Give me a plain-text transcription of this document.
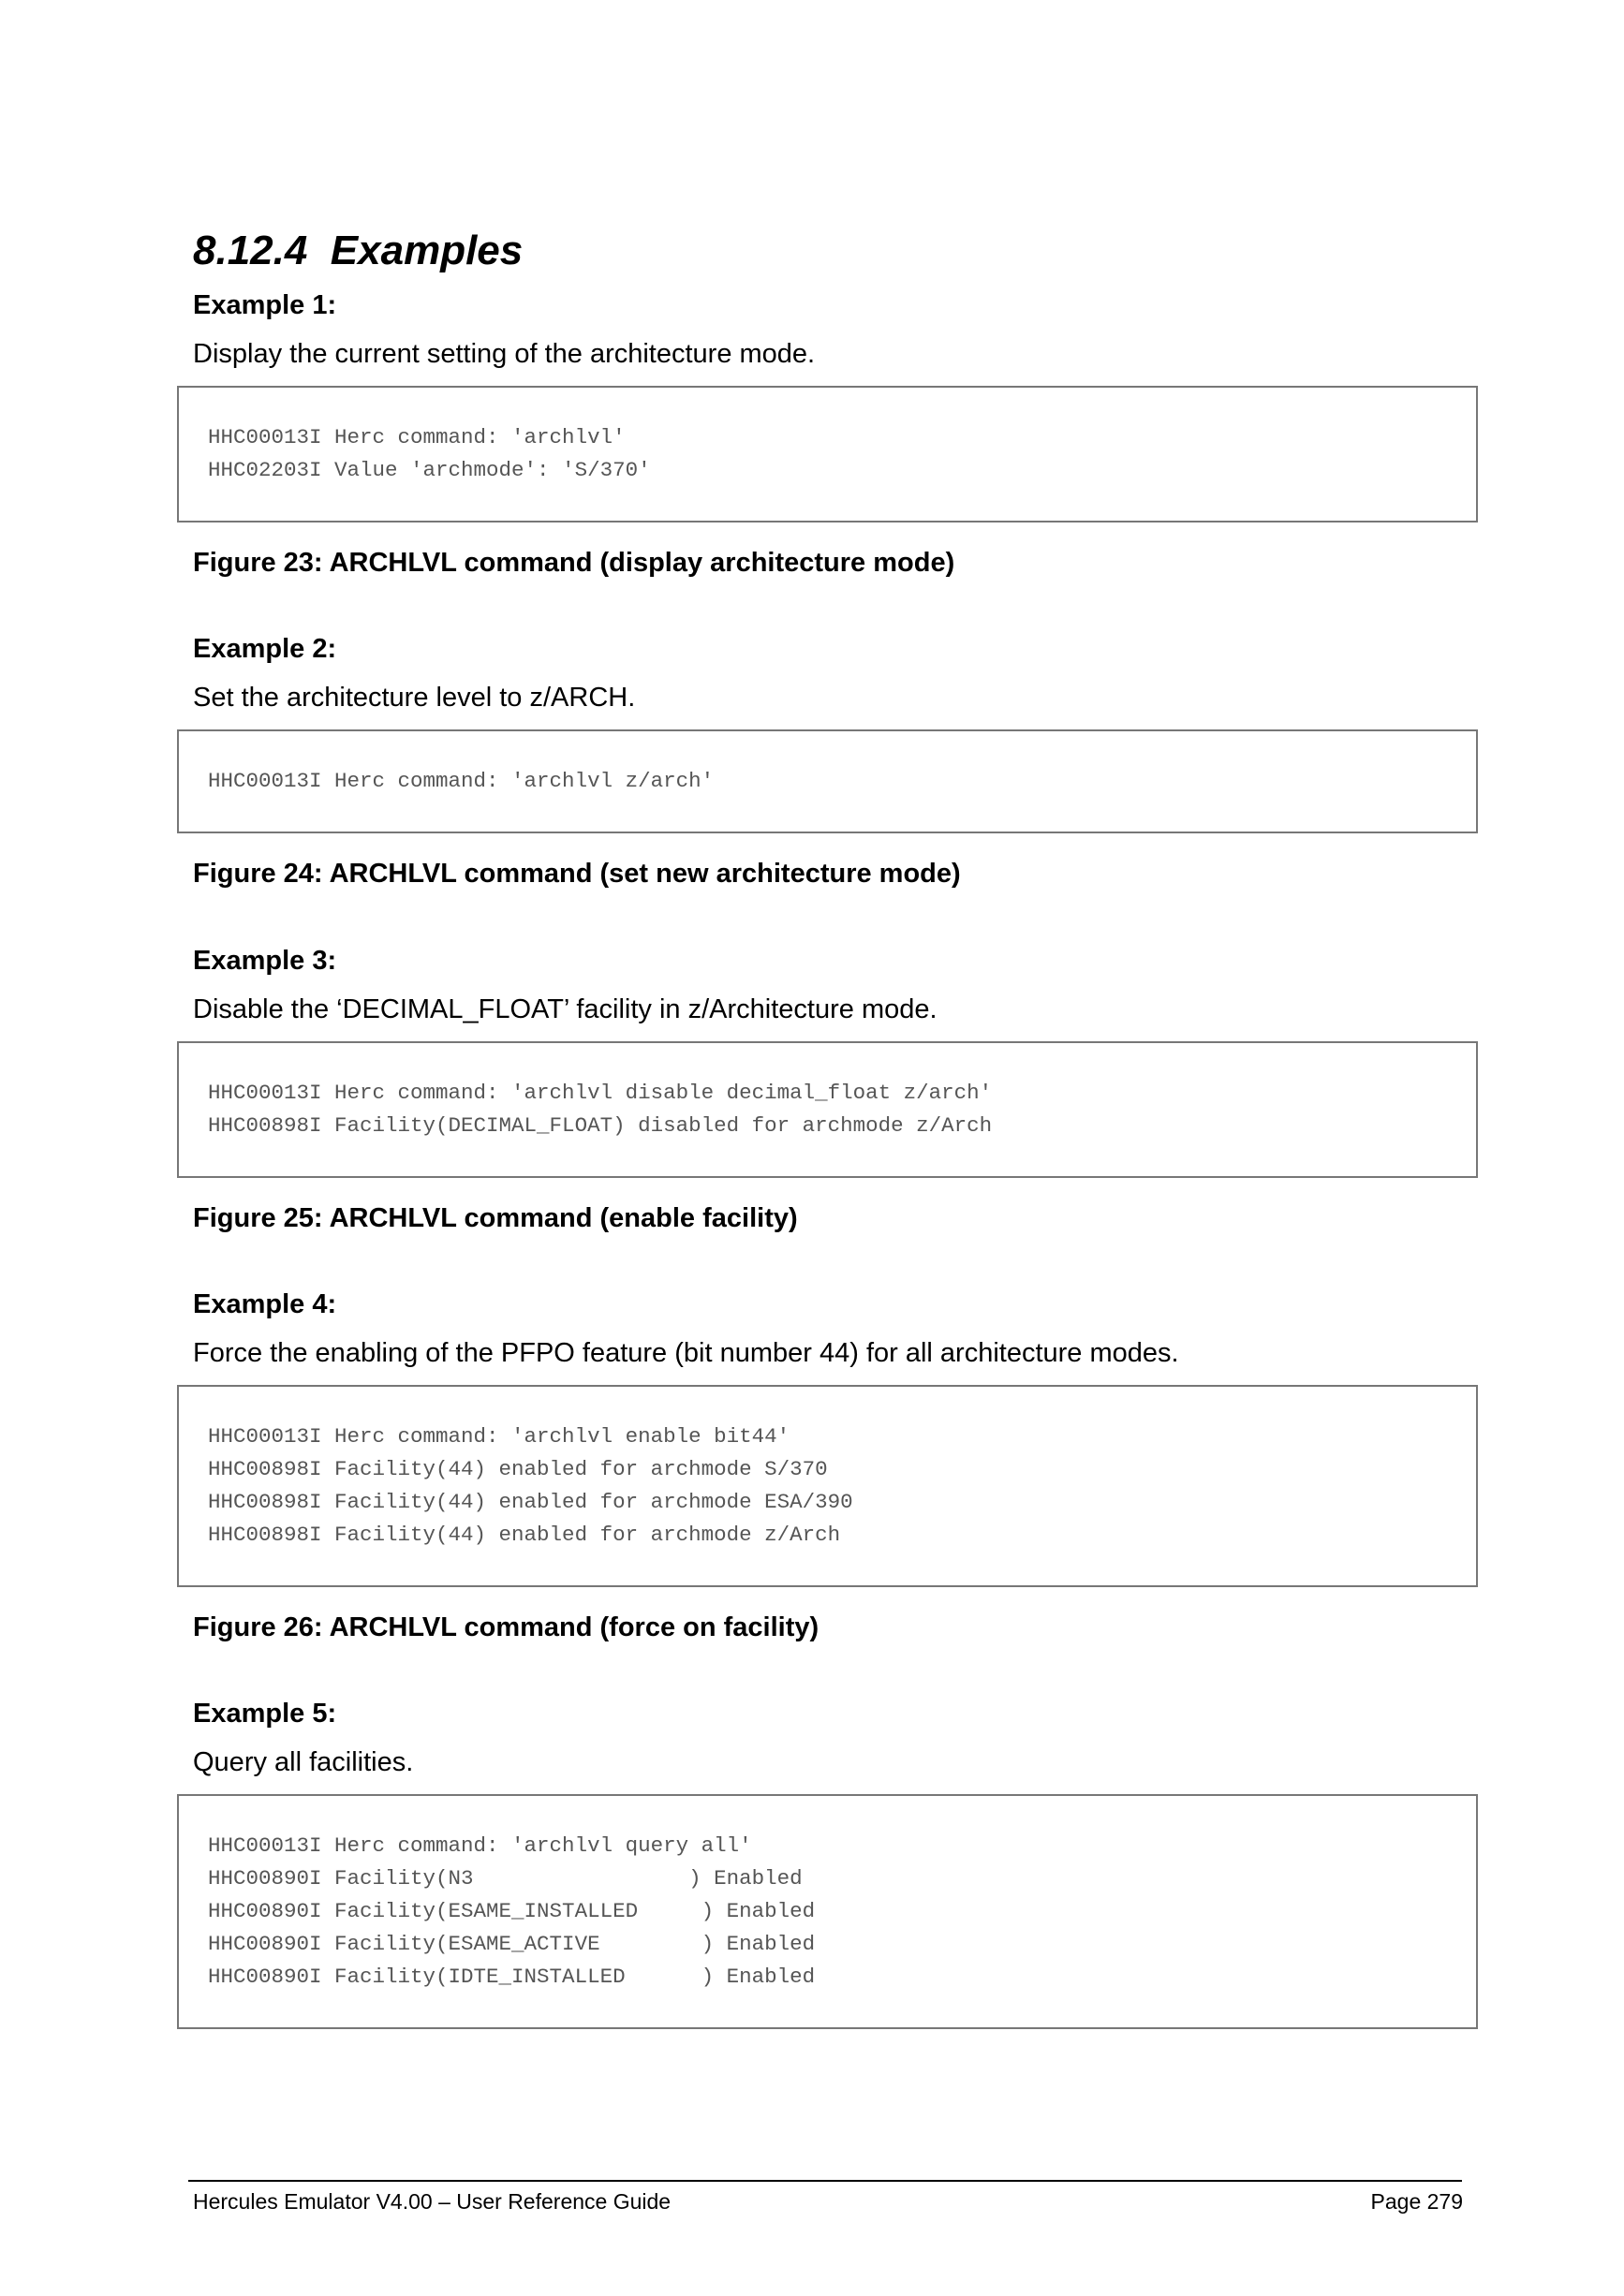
8.12.4 Examples
Example 1:
Display the current setting of the architecture mode.
HHC00013I Herc command: 'archlvl'
HHC02203I Value 'archmode': 'S/370'
Figure 23: ARCHLVL command (display architecture mode)
Example 2:
Set the architecture level to z/ARCH.
HHC00013I Herc command: 'archlvl z/arch'
Figure 24: ARCHLVL command (set new architecture mode)
Example 3:
Disable the ‘DECIMAL_FLOAT’ facility in z/Architecture mode.
HHC00013I Herc command: 'archlvl disable decimal_float z/arch'
HHC00898I Facility(DECIMAL_FLOAT) disabled for archmode z/Arch
Figure 25: ARCHLVL command (enable facility)
Example 4:
Force the enabling of the PFPO feature (bit number 44) for all architecture modes.
HHC00013I Herc command: 'archlvl enable bit44'
HHC00898I Facility(44) enabled for archmode S/370
HHC00898I Facility(44) enabled for archmode ESA/390
HHC00898I Facility(44) enabled for archmode z/Arch
Figure 26: ARCHLVL command (force on facility)
Example 5:
Query all facilities.
HHC00013I Herc command: 'archlvl query all'
HHC00890I Facility(N3                 ) Enabled
HHC00890I Facility(ESAME_INSTALLED     ) Enabled
HHC00890I Facility(ESAME_ACTIVE        ) Enabled
HHC00890I Facility(IDTE_INSTALLED      ) Enabled
Hercules Emulator V4.00 – User Reference Guide	Page 279
